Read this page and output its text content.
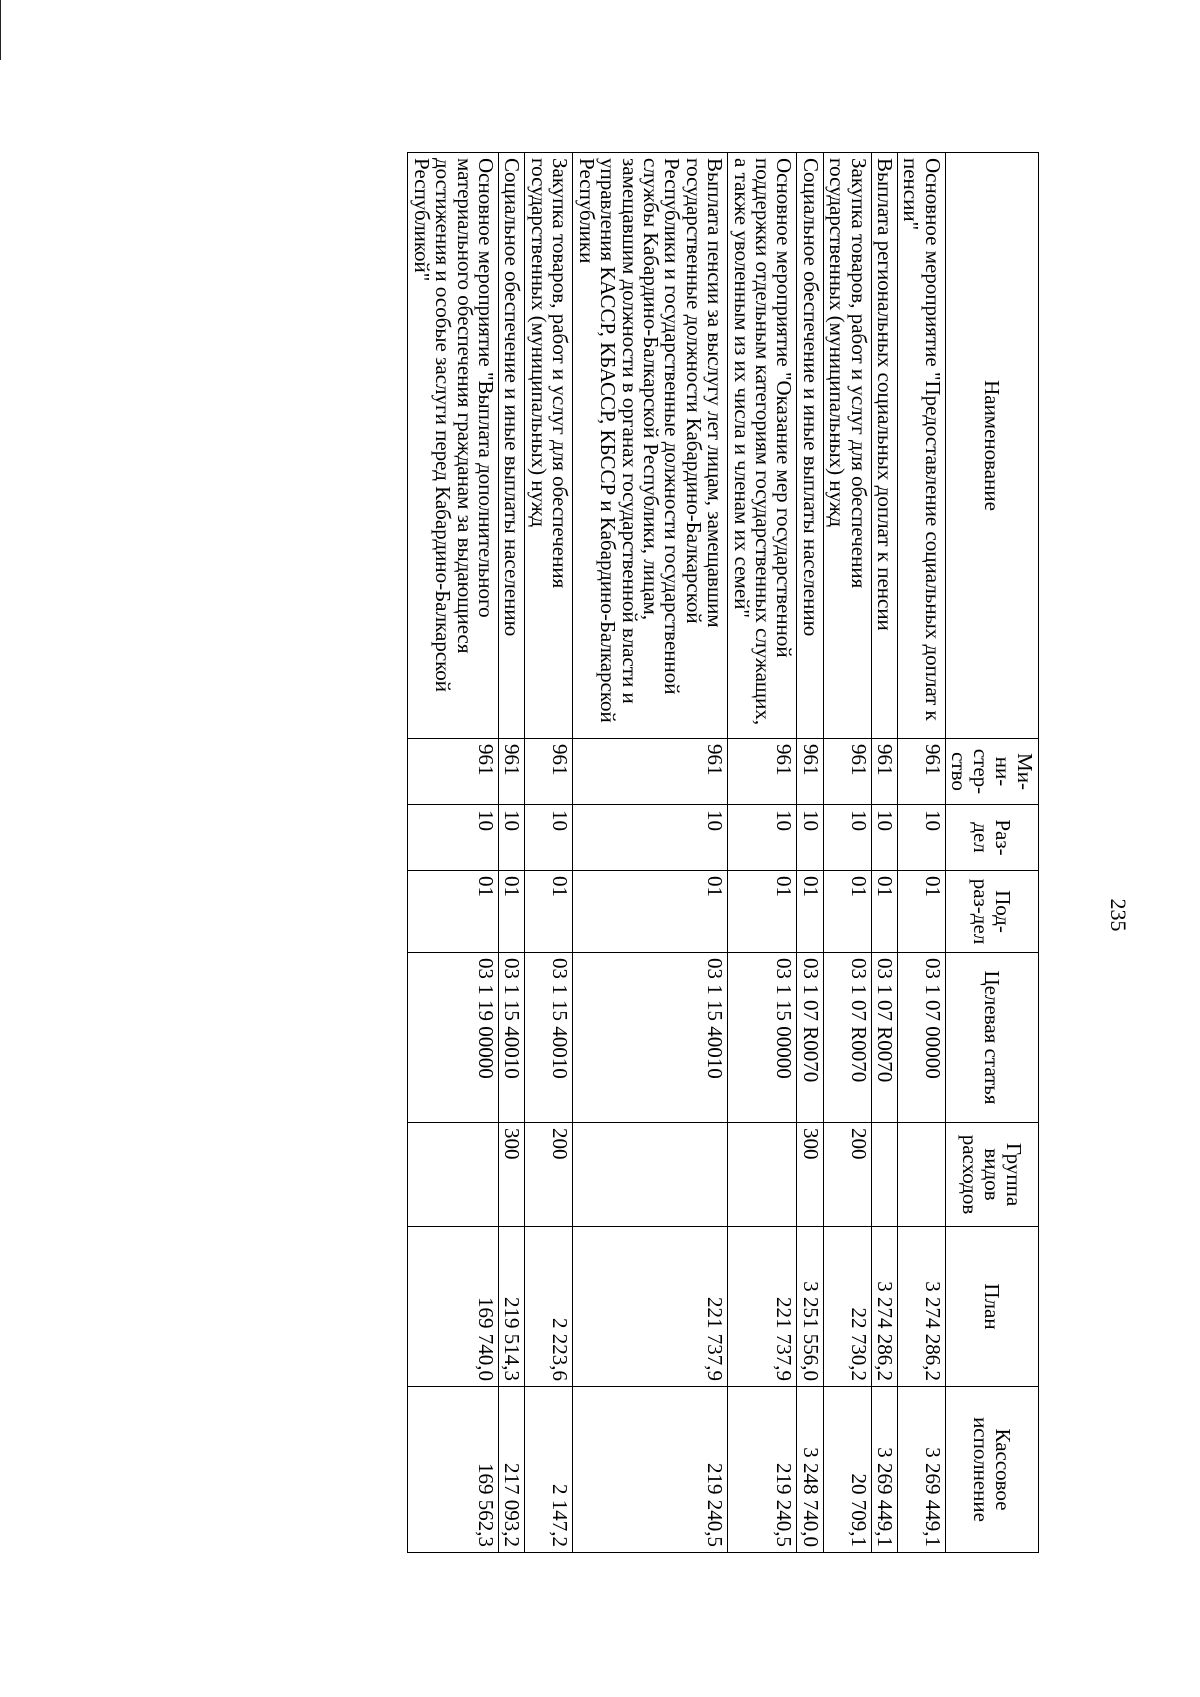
235
Наименование	Ми-ни-стер-ство	Раз-дел	Под-раз-дел	Целевая статья	Группа видов расходов	План	Кассовое исполнение
Основное мероприятие "Предоставление социальных доплат к пенсии"	961	10	01	03 1 07 00000		3 274 286,2	3 269 449,1
Выплата региональных социальных доплат к пенсии	961	10	01	03 1 07 R0070		3 274 286,2	3 269 449,1
Закупка товаров, работ и услуг для обеспечения государственных (муниципальных) нужд	961	10	01	03 1 07 R0070	200	22 730,2	20 709,1
Социальное обеспечение и иные выплаты населению	961	10	01	03 1 07 R0070	300	3 251 556,0	3 248 740,0
Основное мероприятие "Оказание мер государственной поддержки отдельным категориям государственных служащих, а также уволенным из их числа и членам их семей"	961	10	01	03 1 15 00000		221 737,9	219 240,5
Выплата пенсии за выслугу лет лицам, замещавшим государственные должности Кабардино-Балкарской Республики и государственные должности государственной службы Кабардино-Балкарской Республики, лицам, замещавшим должности в органах государственной власти и управления КАССР, КБАССР, КБССР и Кабардино-Балкарской Республики	961	10	01	03 1 15 40010		221 737,9	219 240,5
Закупка товаров, работ и услуг для обеспечения государственных (муниципальных) нужд	961	10	01	03 1 15 40010	200	2 223,6	2 147,2
Социальное обеспечение и иные выплаты населению	961	10	01	03 1 15 40010	300	219 514,3	217 093,2
Основное мероприятие "Выплата дополнительного материального обеспечения гражданам за выдающиеся достижения и особые заслуги перед Кабардино-Балкарской Республикой"	961	10	01	03 1 19 00000		169 740,0	169 562,3
